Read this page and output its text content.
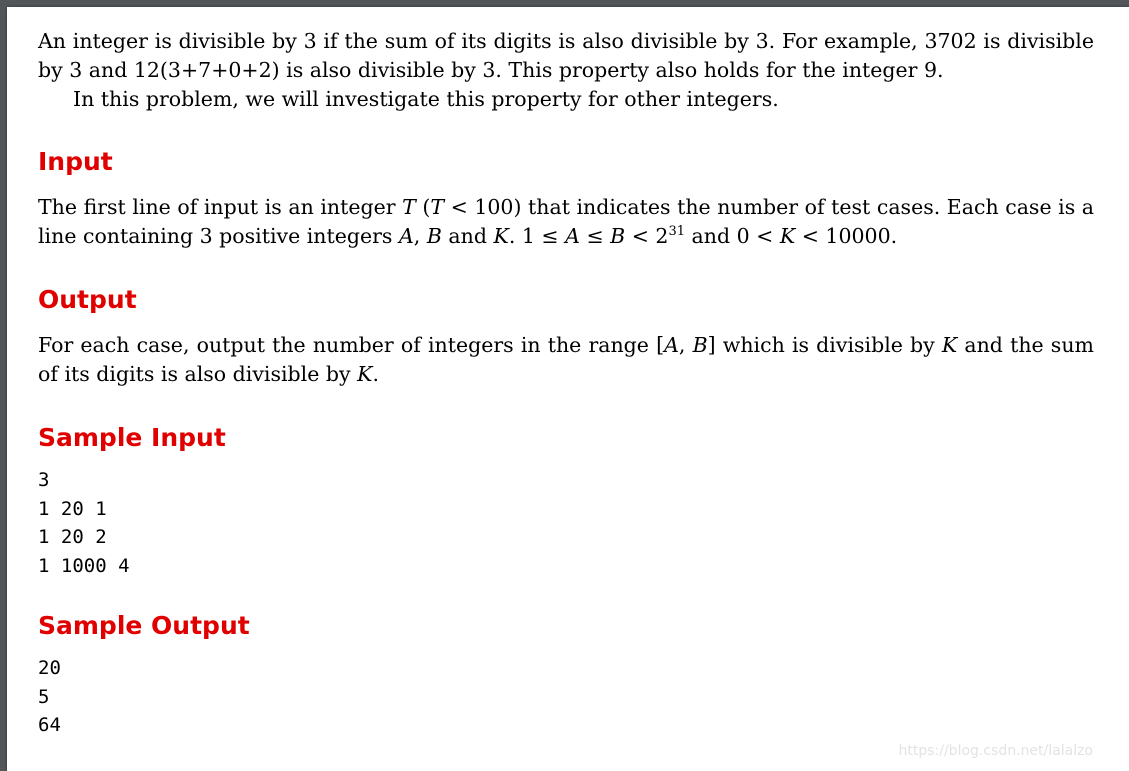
An integer is divisible by 3 if the sum of its digits is also divisible by 3. For example, 3702 is divisible by 3 and 12(3+7+0+2) is also divisible by 3. This property also holds for the integer 9.

In this problem, we will investigate this property for other integers.

Input

The first line of input is an integer T (T < 100) that indicates the number of test cases. Each case is a line containing 3 positive integers A, B and K. $1 \le A \le B < 2^{31}$ and 0 < K < 10000.

Output

For each case, output the number of integers in the range [A, B] which is divisible by K and the sum of its digits is also divisible by K.

Sample Input

3

1 20 1

1 20 2

1 1000 4

Sample Output

20

5

64

https://blog.csdn.net/lalalzo
